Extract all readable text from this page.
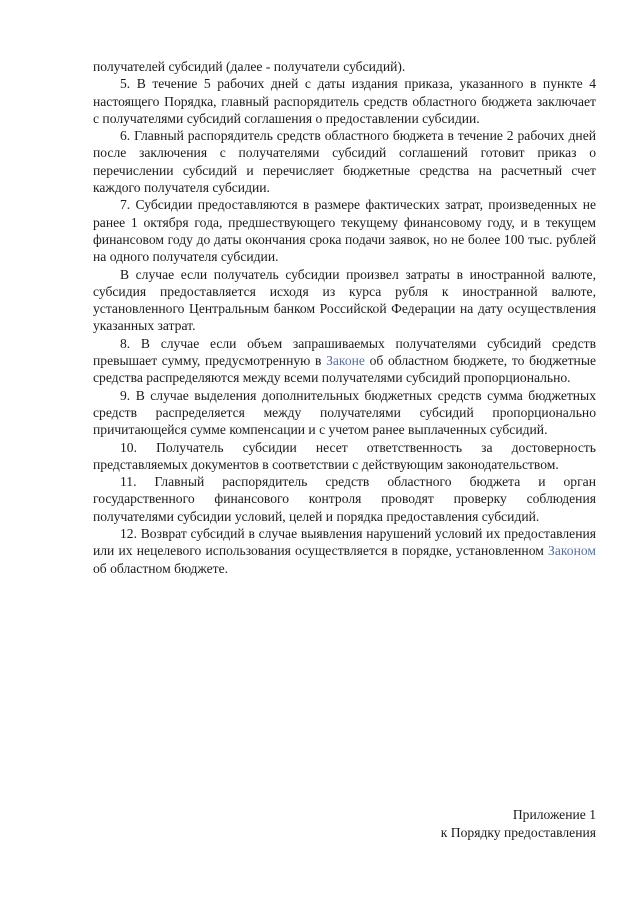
получателей субсидий (далее - получатели субсидий).

5. В течение 5 рабочих дней с даты издания приказа, указанного в пункте 4 настоящего Порядка, главный распорядитель средств областного бюджета заключает с получателями субсидий соглашения о предоставлении субсидии.

6. Главный распорядитель средств областного бюджета в течение 2 рабочих дней после заключения с получателями субсидий соглашений готовит приказ о перечислении субсидий и перечисляет бюджетные средства на расчетный счет каждого получателя субсидии.

7. Субсидии предоставляются в размере фактических затрат, произведенных не ранее 1 октября года, предшествующего текущему финансовому году, и в текущем финансовом году до даты окончания срока подачи заявок, но не более 100 тыс. рублей на одного получателя субсидии.

В случае если получатель субсидии произвел затраты в иностранной валюте, субсидия предоставляется исходя из курса рубля к иностранной валюте, установленного Центральным банком Российской Федерации на дату осуществления указанных затрат.

8. В случае если объем запрашиваемых получателями субсидий средств превышает сумму, предусмотренную в Законе об областном бюджете, то бюджетные средства распределяются между всеми получателями субсидий пропорционально.

9. В случае выделения дополнительных бюджетных средств сумма бюджетных средств распределяется между получателями субсидий пропорционально причитающейся сумме компенсации и с учетом ранее выплаченных субсидий.

10. Получатель субсидии несет ответственность за достоверность представляемых документов в соответствии с действующим законодательством.

11. Главный распорядитель средств областного бюджета и орган государственного финансового контроля проводят проверку соблюдения получателями субсидии условий, целей и порядка предоставления субсидий.

12. Возврат субсидий в случае выявления нарушений условий их предоставления или их нецелевого использования осуществляется в порядке, установленном Законом об областном бюджете.

Приложение 1
к Порядку предоставления
